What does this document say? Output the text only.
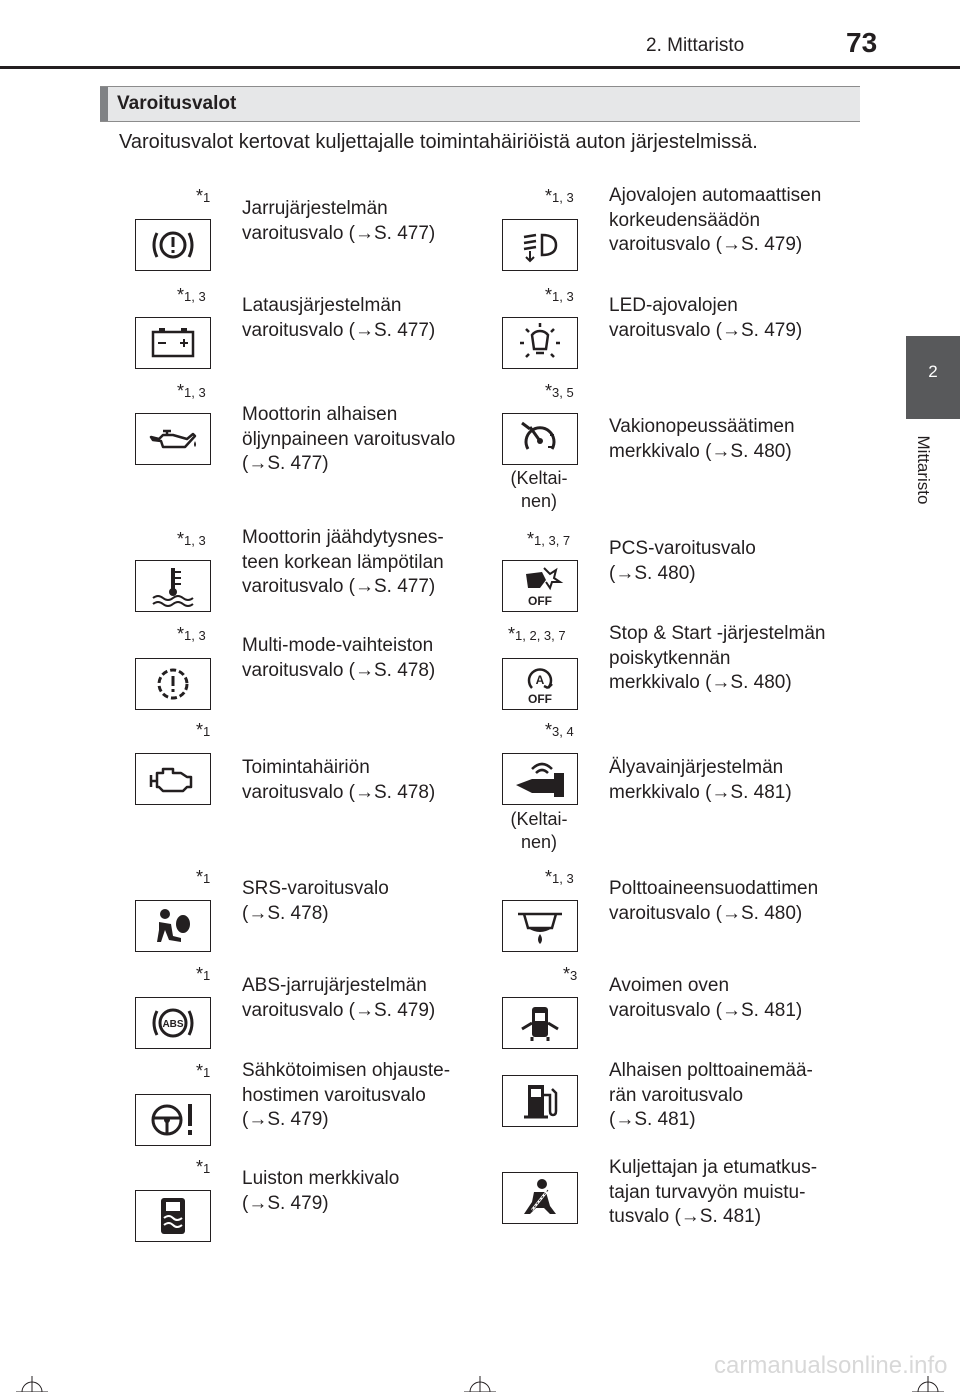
2. Mittaristo	73
2
Mittaristo
Varoitusvalot
Varoitusvalot kertovat kuljettajalle toimintahäiriöistä auton järjestelmissä.
*1
Jarrujärjestelmän
varoitusvalo (→S. 477)
*1, 3 Latausjärjestelmän
varoitusvalo (→S. 477)
*1, 3
Moottorin alhaisen
öljynpaineen varoitusvalo
(→S. 477)
*1, 3 Moottorin jäähdytysnes-
teen korkean lämpötilan
varoitusvalo (→S. 477)
*1, 3 Multi-mode-vaihteiston
varoitusvalo (→S. 478)
*1
Toimintahäiriön
varoitusvalo (→S. 478)
*1 SRS-varoitusvalo
(→S. 478)
*1
ABS
ABS-jarrujärjestelmän
varoitusvalo (→S. 479)
*1 Sähkötoimisen ohjauste-
hostimen varoitusvalo
(→S. 479)
*1 Luiston merkkivalo
(→S. 479)
*1, 3 Ajovalojen automaattisen
korkeudensäädön
varoitusvalo (→S. 479)
*1, 3 LED-ajovalojen
varoitusvalo (→S. 479)
*3, 5
(Keltai-
nen)
Vakionopeussäätimen
merkkivalo (→S. 480)
*1, 3, 7
OFF
PCS-varoitusvalo
(→S. 480)
*1, 2, 3, 7
A
OFF
Stop & Start -järjestelmän
poiskytkennän
merkkivalo (→S. 480)
*3, 4
(Keltai-
nen)
Älyavainjärjestelmän
merkkivalo (→S. 481)
*1, 3 Polttoaineensuodattimen
varoitusvalo (→S. 480)
*3 Avoimen oven
varoitusvalo (→S. 481)
Alhaisen polttoainemää-
rän varoitusvalo
(→S. 481)
Kuljettajan ja etumatkus-
tajan turvavyön muistu-
tusvalo (→S. 481)
carmanualsonline.info
